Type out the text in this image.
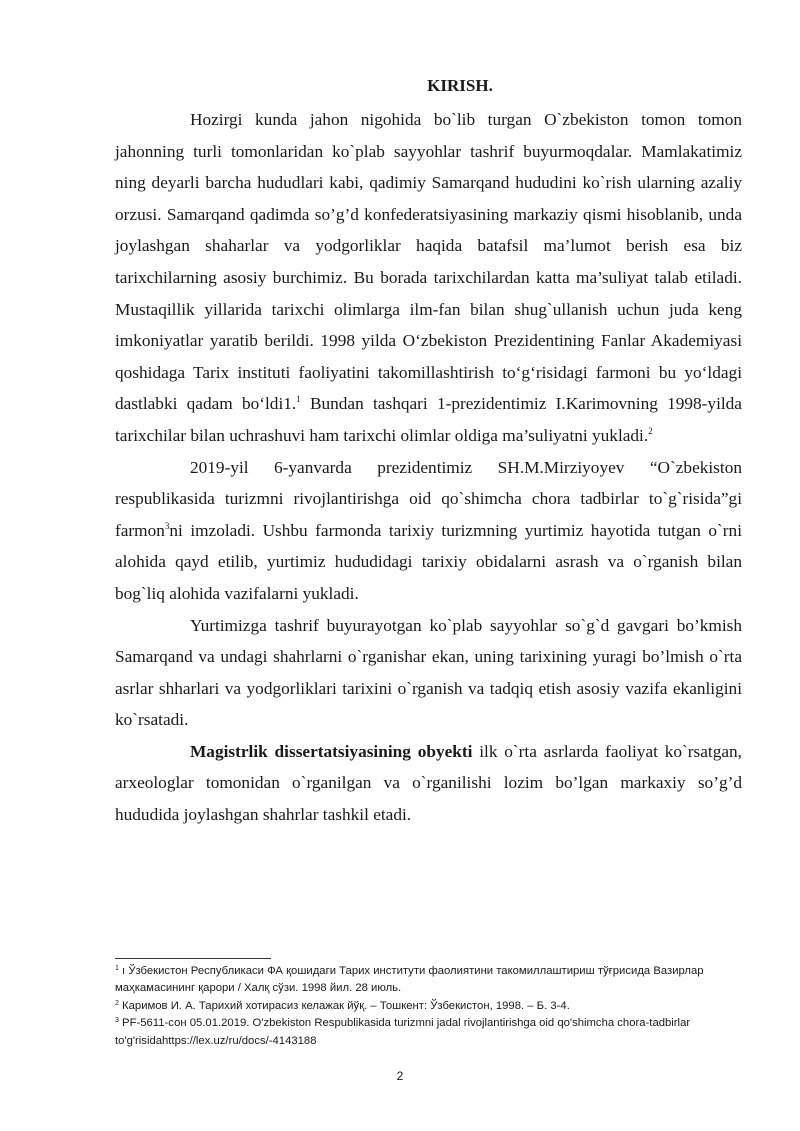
KIRISH.

Hozirgi kunda jahon nigohida bo`lib turgan O`zbekiston tomon tomon jahonning turli tomonlaridan ko`plab sayyohlar tashrif buyurmoqdalar. Mamlakatimiz ning deyarli barcha hududlari kabi, qadimiy Samarqand hududini ko`rish ularning azaliy orzusi. Samarqand qadimda so’g’d konfederatsiyasining markaziy qismi hisoblanib, unda joylashgan shaharlar va yodgorliklar haqida batafsil ma’lumot berish esa biz tarixchilarning asosiy burchimiz. Bu borada tarixchilardan katta ma’suliyat talab etiladi. Mustaqillik yillarida tarixchi olimlarga ilm-fan bilan shug`ullanish uchun juda keng imkoniyatlar yaratib berildi. 1998 yilda O‘zbekiston Prezidentining Fanlar Akademiyasi qoshidaga Tarix instituti faoliyatini takomillashtirish to‘g‘risidagi farmoni bu yo‘ldagi dastlabki qadam bo‘ldi1.$^1$ Bundan tashqari 1-prezidentimiz I.Karimovning 1998-yilda tarixchilar bilan uchrashuvi ham tarixchi olimlar oldiga ma’suliyatni yukladi.$^2$

2019-yil 6-yanvarda prezidentimiz SH.M.Mirziyoyev “O`zbekiston respublikasida turizmni rivojlantirishga oid qo`shimcha chora tadbirlar to`g`risida”gi farmon$^3$ni imzoladi. Ushbu farmonda tarixiy turizmning yurtimiz hayotida tutgan o`rni alohida qayd etilib, yurtimiz hududidagi tarixiy obidalarni asrash va o`rganish bilan bog`liq alohida vazifalarni yukladi.

Yurtimizga tashrif buyurayotgan ko`plab sayyohlar so`g`d gavgari bo’kmish Samarqand va undagi shahrlarni o`rganishar ekan, uning tarixining yuragi bo’lmish o`rta asrlar shharlari va yodgorliklari tarixini o`rganish va tadqiq etish asosiy vazifa ekanligini ko`rsatadi.

Magistrlik dissertatsiyasining obyekti ilk o`rta asrlarda faoliyat ko`rsatgan, arxeologlar tomonidan o`rganilgan va o`rganilishi lozim bo’lgan markaxiy so’g’d hududida joylashgan shahrlar tashkil etadi.

$^1$ ı Ўзбекистон Республикаси ФА қошидаги Тарих институти фаолиятини такомиллаштириш тўғрисида Вазирлар маҳкамасининг қарори / Халқ сўзи. 1998 йил. 28 июль.
$^2$ Каримов И. А. Тарихий хотирасиз келажак йўқ. – Тошкент: Ўзбекистон, 1998. – Б. 3-4.
$^3$ PF-5611-сон 05.01.2019. O'zbekiston Respublikasida turizmni jadal rivojlantirishga oid qo'shimcha chora-tadbirlar to'g'risidahttps://lex.uz/ru/docs/-4143188
2
